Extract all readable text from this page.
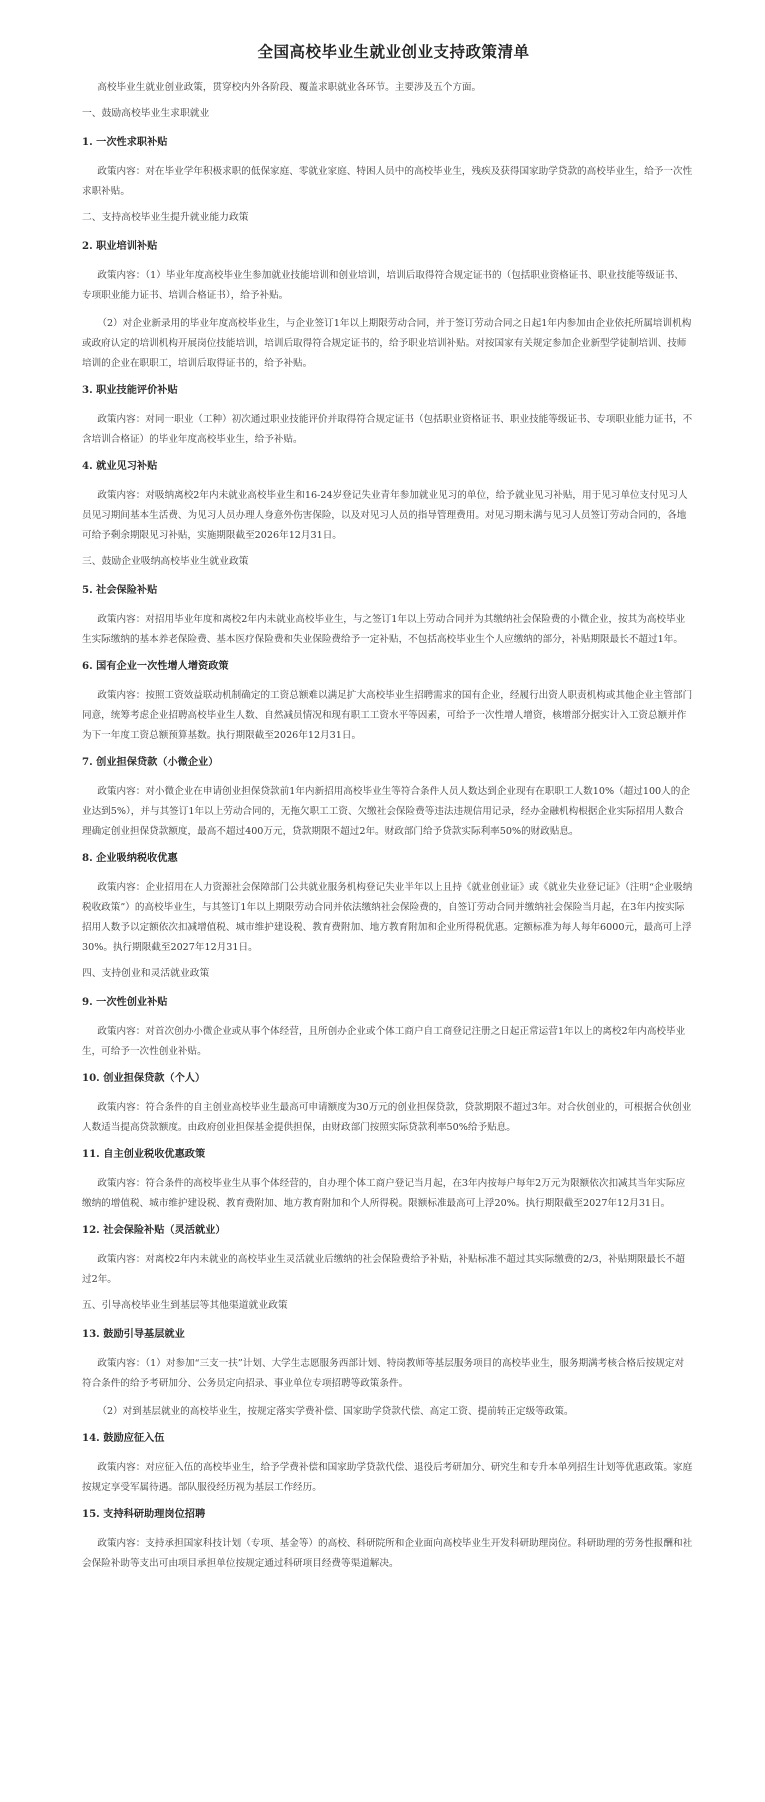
全国高校毕业生就业创业支持政策清单

高校毕业生就业创业政策，贯穿校内外各阶段、覆盖求职就业各环节。主要涉及五个方面。

一、鼓励高校毕业生求职就业
1. 一次性求职补贴

政策内容：对在毕业学年积极求职的低保家庭、零就业家庭、特困人员中的高校毕业生，残疾及获得国家助学贷款的高校毕业生，给予一次性求职补贴。

二、支持高校毕业生提升就业能力政策
2. 职业培训补贴

政策内容：（1）毕业年度高校毕业生参加就业技能培训和创业培训，培训后取得符合规定证书的（包括职业资格证书、职业技能等级证书、专项职业能力证书、培训合格证书），给予补贴。

（2）对企业新录用的毕业年度高校毕业生，与企业签订1年以上期限劳动合同，并于签订劳动合同之日起1年内参加由企业依托所属培训机构或政府认定的培训机构开展岗位技能培训，培训后取得符合规定证书的，给予职业培训补贴。对按国家有关规定参加企业新型学徒制培训、技师培训的企业在职职工，培训后取得证书的，给予补贴。

3. 职业技能评价补贴

政策内容：对同一职业（工种）初次通过职业技能评价并取得符合规定证书（包括职业资格证书、职业技能等级证书、专项职业能力证书，不含培训合格证）的毕业年度高校毕业生，给予补贴。

4. 就业见习补贴

政策内容：对吸纳离校2年内未就业高校毕业生和16-24岁登记失业青年参加就业见习的单位，给予就业见习补贴，用于见习单位支付见习人员见习期间基本生活费、为见习人员办理人身意外伤害保险，以及对见习人员的指导管理费用。对见习期未满与见习人员签订劳动合同的，各地可给予剩余期限见习补贴，实施期限截至2026年12月31日。

三、鼓励企业吸纳高校毕业生就业政策
5. 社会保险补贴

政策内容：对招用毕业年度和离校2年内未就业高校毕业生，与之签订1年以上劳动合同并为其缴纳社会保险费的小微企业，按其为高校毕业生实际缴纳的基本养老保险费、基本医疗保险费和失业保险费给予一定补贴，不包括高校毕业生个人应缴纳的部分，补贴期限最长不超过1年。

6. 国有企业一次性增人增资政策

政策内容：按照工资效益联动机制确定的工资总额难以满足扩大高校毕业生招聘需求的国有企业，经履行出资人职责机构或其他企业主管部门同意，统筹考虑企业招聘高校毕业生人数、自然减员情况和现有职工工资水平等因素，可给予一次性增人增资，核增部分据实计入工资总额并作为下一年度工资总额预算基数。执行期限截至2026年12月31日。

7. 创业担保贷款（小微企业）

政策内容：对小微企业在申请创业担保贷款前1年内新招用高校毕业生等符合条件人员人数达到企业现有在职职工人数10%（超过100人的企业达到5%），并与其签订1年以上劳动合同的，无拖欠职工工资、欠缴社会保险费等违法违规信用记录，经办金融机构根据企业实际招用人数合理确定创业担保贷款额度，最高不超过400万元，贷款期限不超过2年。财政部门给予贷款实际利率50%的财政贴息。

8. 企业吸纳税收优惠

政策内容：企业招用在人力资源社会保障部门公共就业服务机构登记失业半年以上且持《就业创业证》或《就业失业登记证》（注明“企业吸纳税收政策”）的高校毕业生，与其签订1年以上期限劳动合同并依法缴纳社会保险费的，自签订劳动合同并缴纳社会保险当月起，在3年内按实际招用人数予以定额依次扣减增值税、城市维护建设税、教育费附加、地方教育附加和企业所得税优惠。定额标准为每人每年6000元，最高可上浮30%。执行期限截至2027年12月31日。

四、支持创业和灵活就业政策
9. 一次性创业补贴

政策内容：对首次创办小微企业或从事个体经营，且所创办企业或个体工商户自工商登记注册之日起正常运营1年以上的离校2年内高校毕业生，可给予一次性创业补贴。

10. 创业担保贷款（个人）

政策内容：符合条件的自主创业高校毕业生最高可申请额度为30万元的创业担保贷款，贷款期限不超过3年。对合伙创业的，可根据合伙创业人数适当提高贷款额度。由政府创业担保基金提供担保，由财政部门按照实际贷款利率50%给予贴息。

11. 自主创业税收优惠政策

政策内容：符合条件的高校毕业生从事个体经营的，自办理个体工商户登记当月起，在3年内按每户每年2万元为限额依次扣减其当年实际应缴纳的增值税、城市维护建设税、教育费附加、地方教育附加和个人所得税。限额标准最高可上浮20%。执行期限截至2027年12月31日。

12. 社会保险补贴（灵活就业）

政策内容：对离校2年内未就业的高校毕业生灵活就业后缴纳的社会保险费给予补贴，补贴标准不超过其实际缴费的2/3，补贴期限最长不超过2年。

五、引导高校毕业生到基层等其他渠道就业政策
13. 鼓励引导基层就业

政策内容：（1）对参加“三支一扶”计划、大学生志愿服务西部计划、特岗教师等基层服务项目的高校毕业生，服务期满考核合格后按规定对符合条件的给予考研加分、公务员定向招录、事业单位专项招聘等政策条件。

（2）对到基层就业的高校毕业生，按规定落实学费补偿、国家助学贷款代偿、高定工资、提前转正定级等政策。

14. 鼓励应征入伍

政策内容：对应征入伍的高校毕业生，给予学费补偿和国家助学贷款代偿、退役后考研加分、研究生和专升本单列招生计划等优惠政策。家庭按规定享受军属待遇。部队服役经历视为基层工作经历。

15. 支持科研助理岗位招聘

政策内容：支持承担国家科技计划（专项、基金等）的高校、科研院所和企业面向高校毕业生开发科研助理岗位。科研助理的劳务性报酬和社会保险补助等支出可由项目承担单位按规定通过科研项目经费等渠道解决。
